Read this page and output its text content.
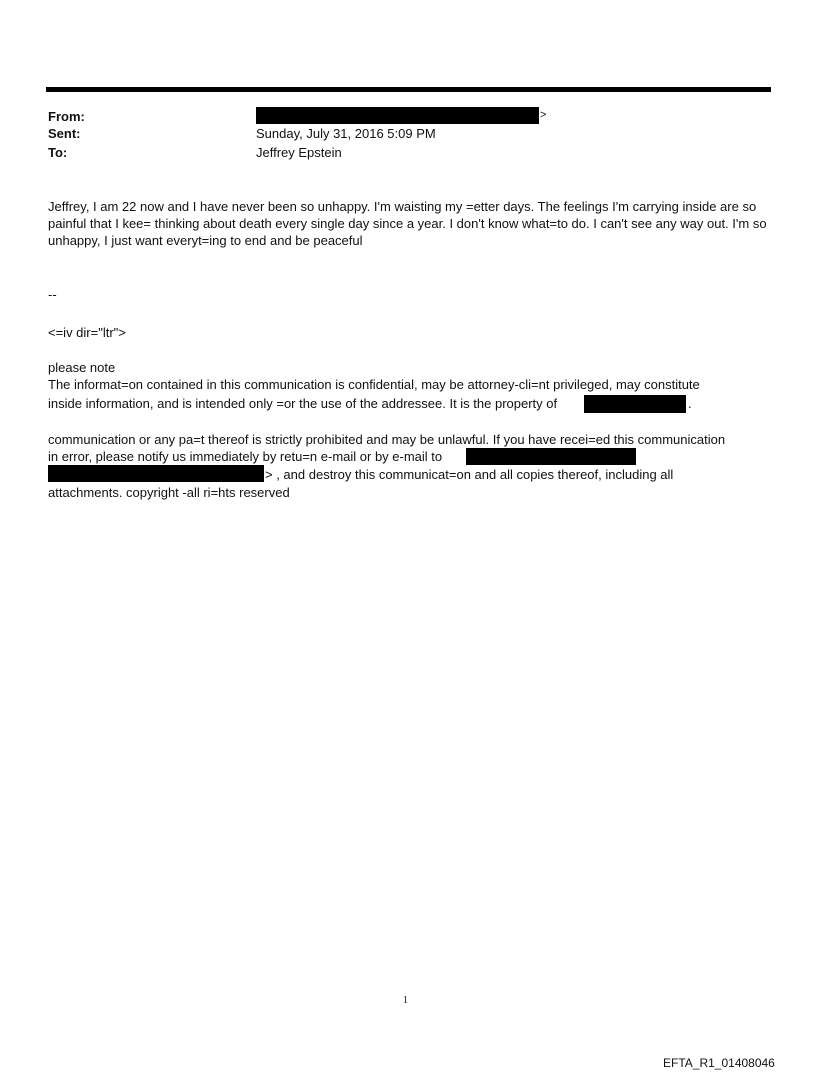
From:	>
Sent:	Sunday, July 31, 2016 5:09 PM
To:	Jeffrey Epstein

Jeffrey, I am 22 now and I have never been so unhappy. I'm waisting my =etter days. The feelings I'm carrying inside are so painful that I kee= thinking about death every single day since a year. I don't know what=to do. I can't see any way out. I'm so unhappy, I just want everyt=ing to end and be peaceful

--
<=iv dir="ltr">
please note
The informat=on contained in this communication is confidential, may be attorney-cli=nt privileged, may constitute
inside information, and is intended only =or the use of the addressee. It is the property of	.
communication or any pa=t thereof is strictly prohibited and may be unlawful. If you have recei=ed this communication
in error, please notify us immediately by retu=n e-mail or by e-mail to
> , and destroy this communicat=on and all copies thereof, including all
attachments. copyright -all ri=hts reserved
1
EFTA_R1_01408046
